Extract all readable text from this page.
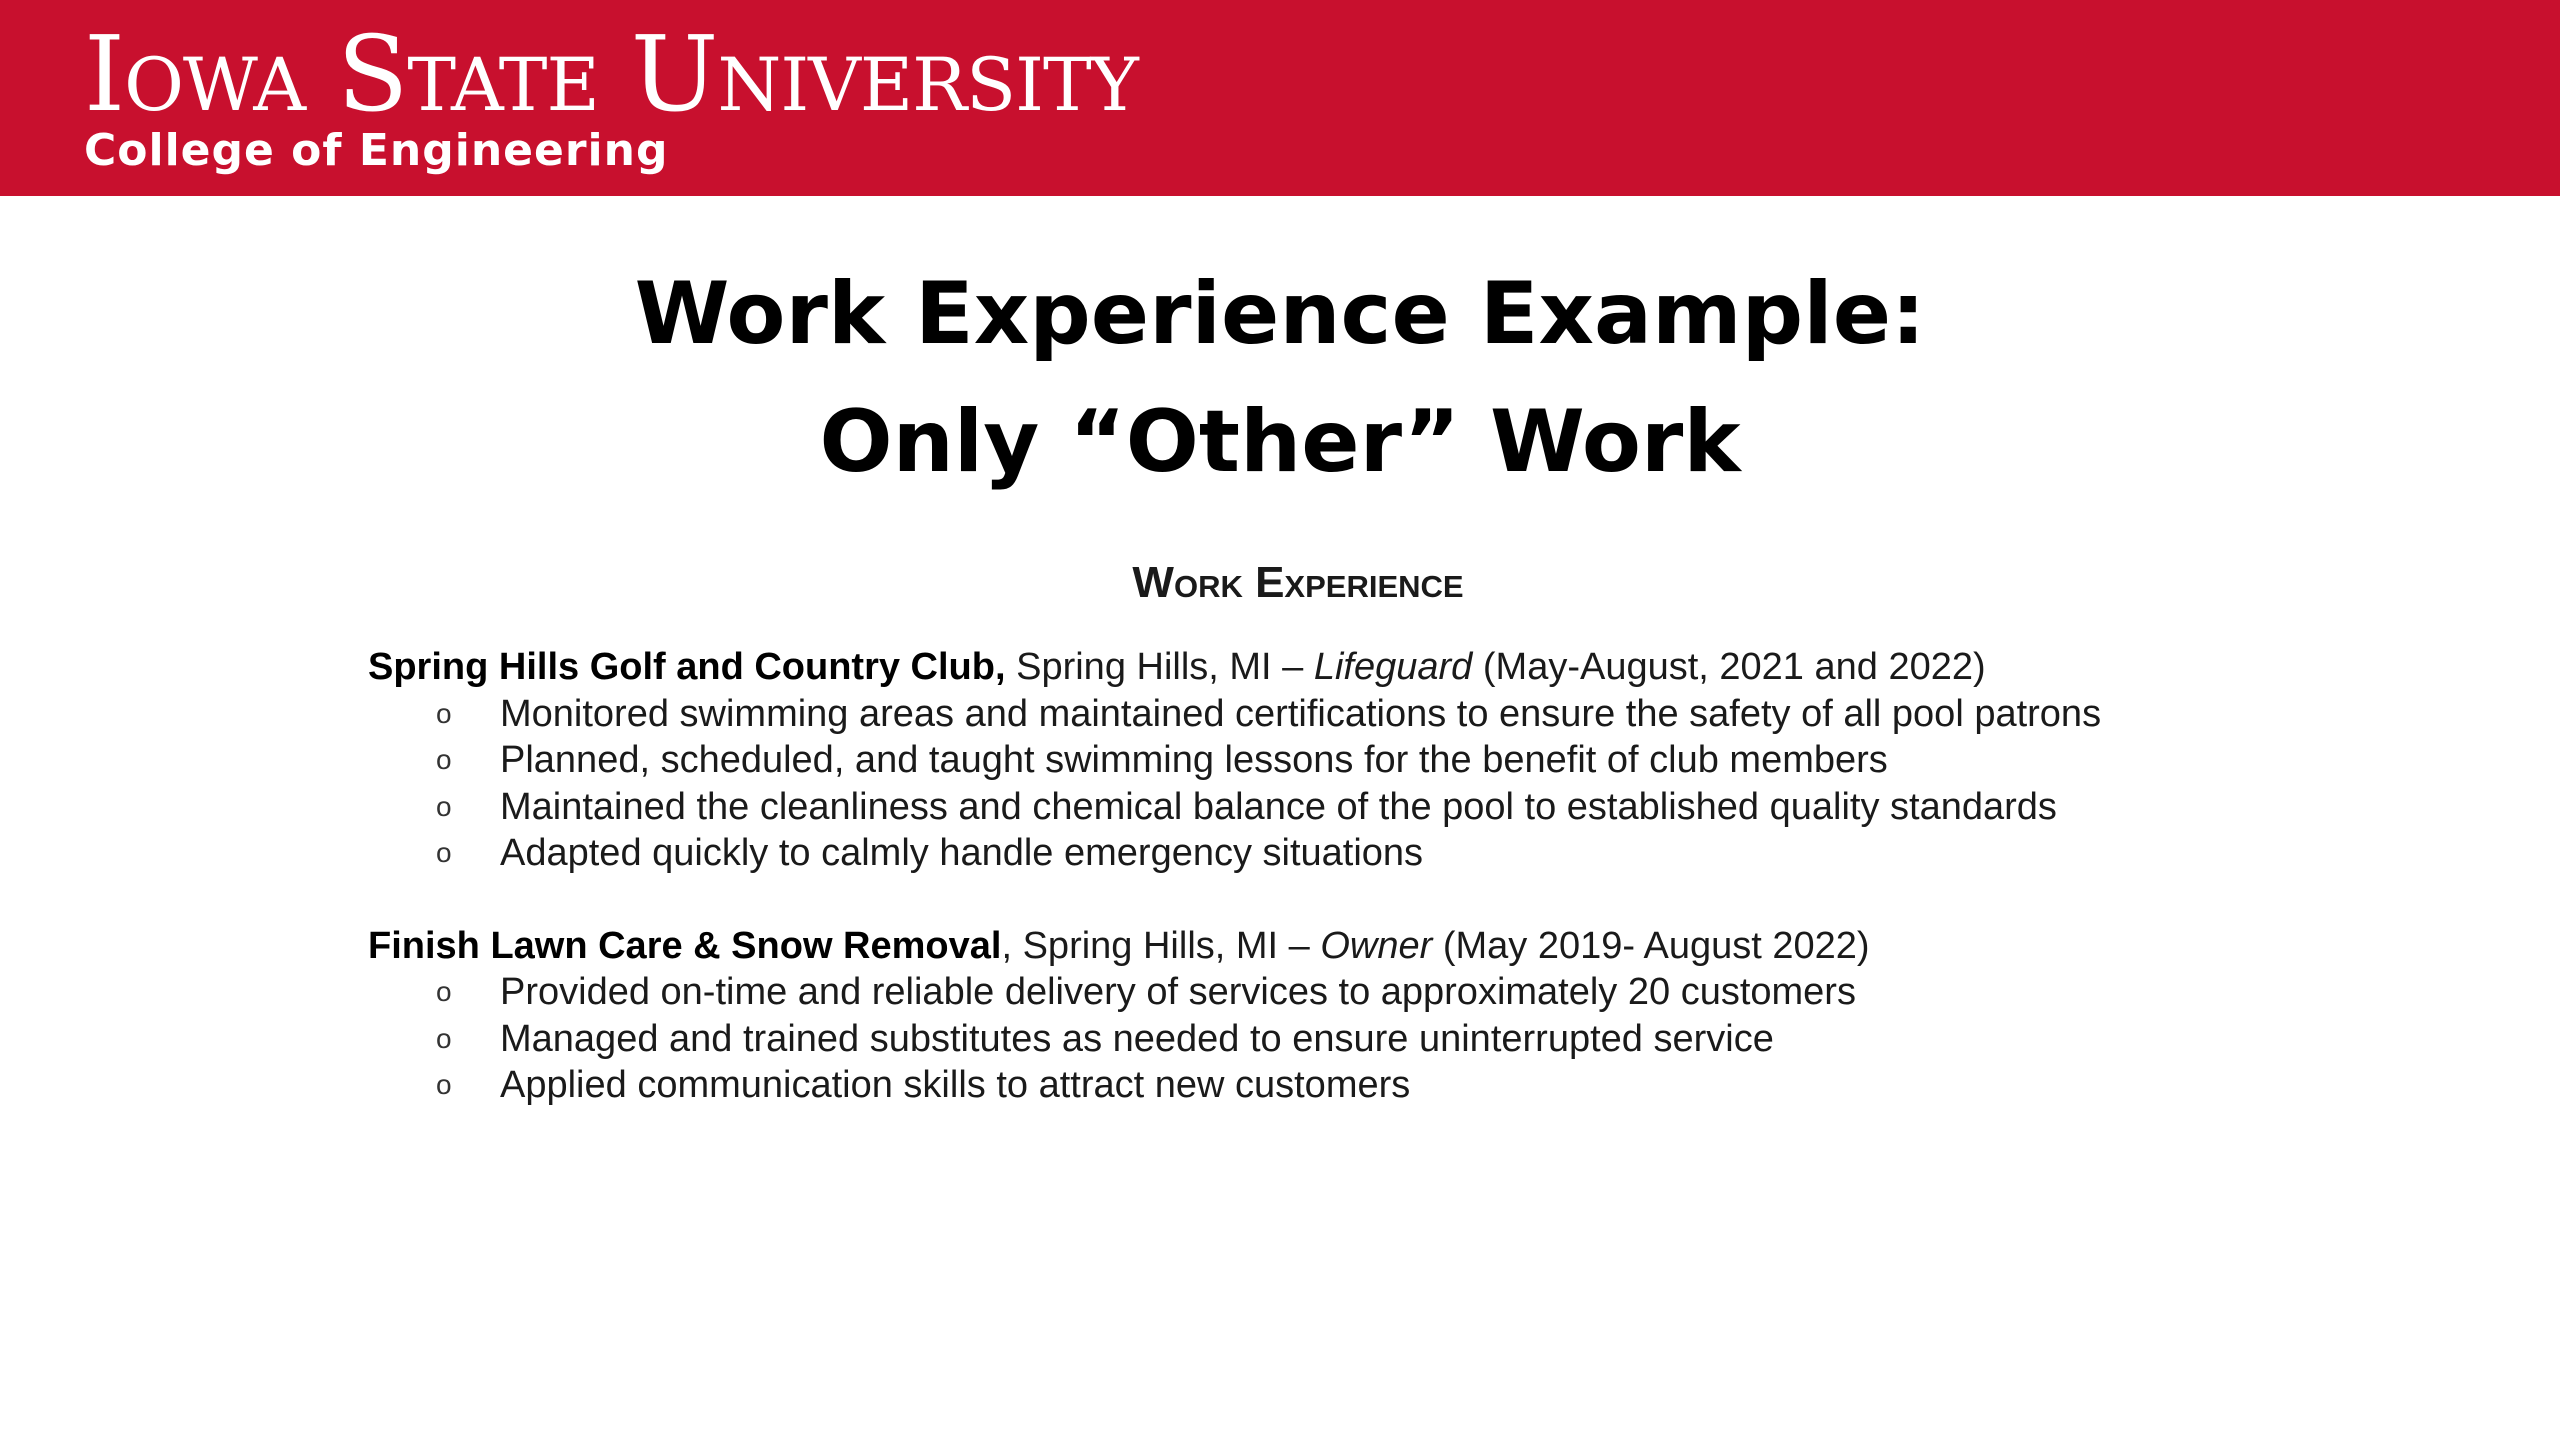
Iowa State University
College of Engineering
Work Experience Example:
Only “Other” Work
Work Experience
Spring Hills Golf and Country Club, Spring Hills, MI – Lifeguard (May-August, 2021 and 2022)
o Monitored swimming areas and maintained certifications to ensure the safety of all pool patrons
o Planned, scheduled, and taught swimming lessons for the benefit of club members
o Maintained the cleanliness and chemical balance of the pool to established quality standards
o Adapted quickly to calmly handle emergency situations
Finish Lawn Care & Snow Removal, Spring Hills, MI – Owner (May 2019- August 2022)
o Provided on-time and reliable delivery of services to approximately 20 customers
o Managed and trained substitutes as needed to ensure uninterrupted service
o Applied communication skills to attract new customers
